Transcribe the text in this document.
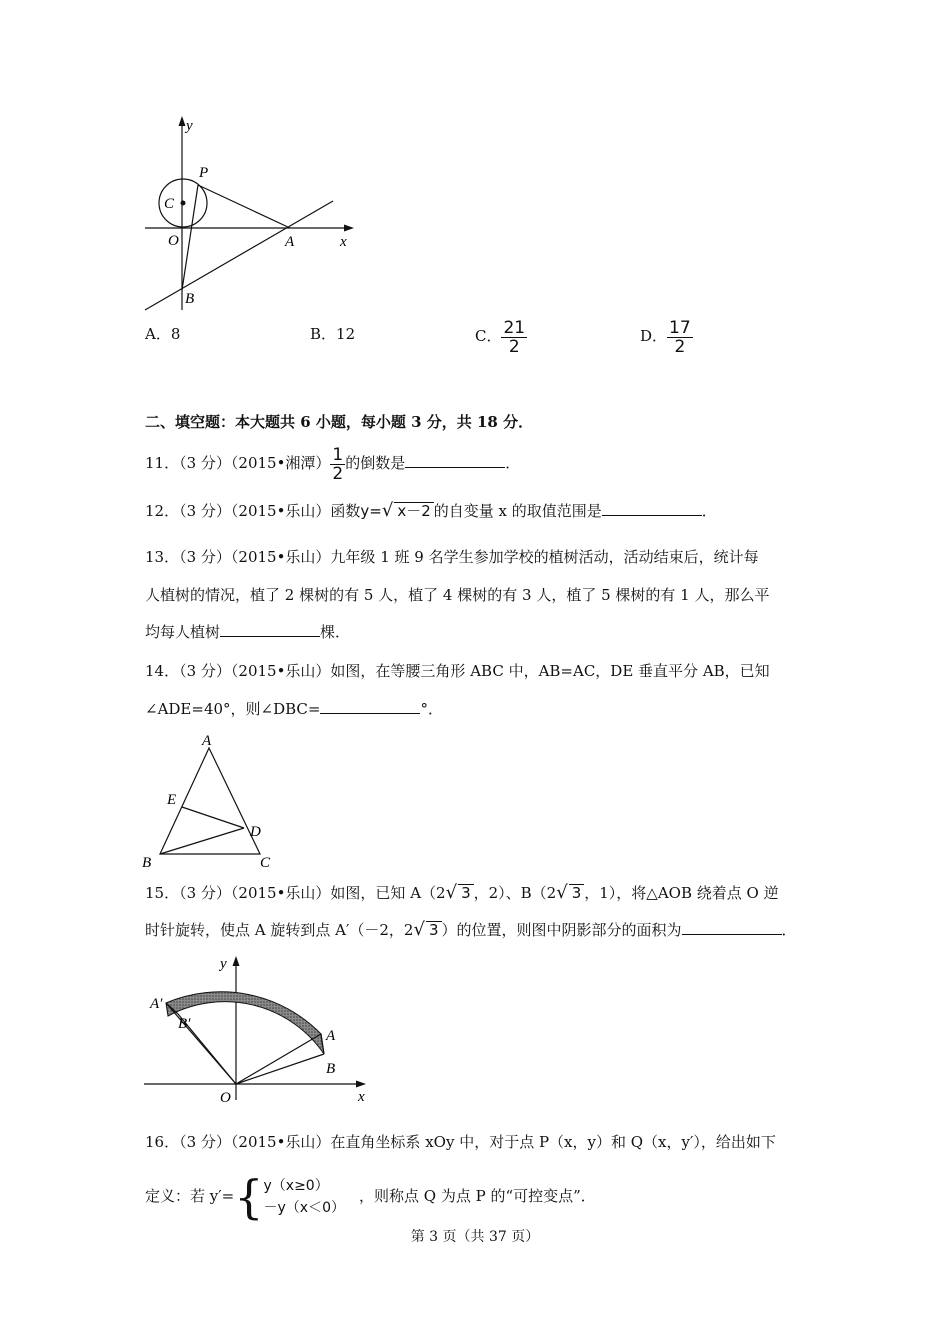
y
x
P
C
O	A
B
A．8	B．12	C． $\frac{21}{2}$	D． $\frac{17}{2}$
二、填空题：本大题共 6 小题，每小题 3 分，共 18 分．
11．（3 分）（2015•湘潭） $\frac{1}{2}$ 的倒数是	．
12．（3 分）（2015•乐山）函数y=√ x－2 的自变量 x 的取值范围是	．
13．（3 分）（2015•乐山）九年级 1 班 9 名学生参加学校的植树活动，活动结束后，统计每
人植树的情况，植了 2 棵树的有 5 人，植了 4 棵树的有 3 人，植了 5 棵树的有 1 人，那么平
均每人植树	棵．
14．（3 分）（2015•乐山）如图，在等腰三角形 ABC 中，AB=AC，DE 垂直平分 AB，已知
∠ADE=40°，则∠DBC=	°．
A
E
D
B	C
15．（3 分）（2015•乐山）如图，已知 A（2√ 3 ，2）、B（2√ 3 ，1），将△AOB 绕着点 O 逆
时针旋转，使点 A 旋转到点 A′（－2，2√ 3 ）的位置，则图中阴影部分的面积为	．
y
x
A′
B′
A
B
O
16．（3 分）（2015•乐山）在直角坐标系 xOy 中，对于点 P（x，y）和 Q（x，y′），给出如下
定义：若 y′={ y（x≥0）
－y（x＜0）
，则称点 Q 为点 P 的“可控变点”．
第 3 页（共 37 页）
